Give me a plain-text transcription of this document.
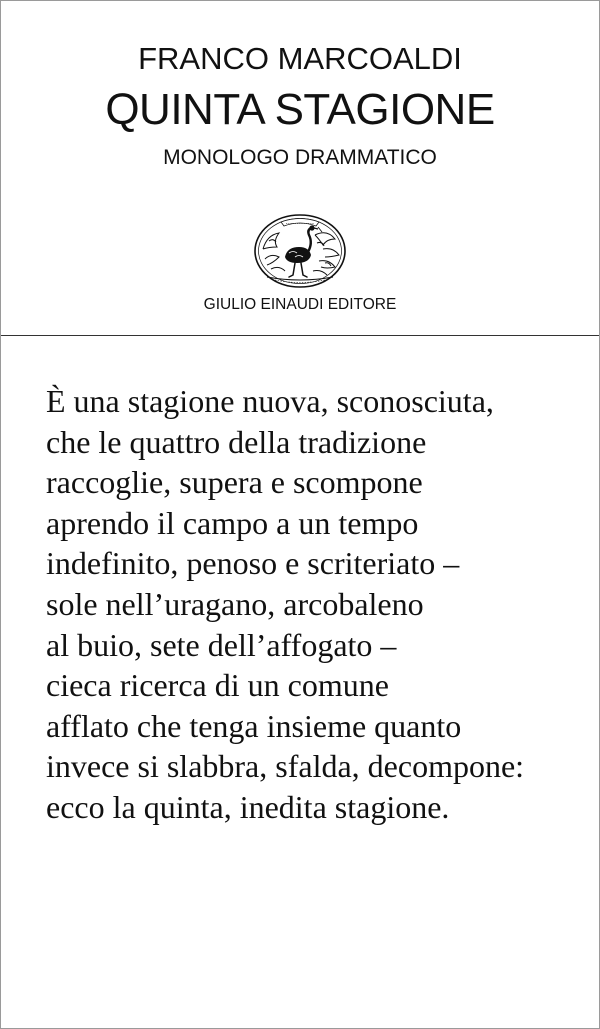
FRANCO MARCOALDI
QUINTA STAGIONE
MONOLOGO DRAMMATICO
GIULIO EINAUDI EDITORE
È una stagione nuova, sconosciuta,
che le quattro della tradizione
raccoglie, supera e scompone
aprendo il campo a un tempo
indefinito, penoso e scriteriato –
sole nell’uragano, arcobaleno
al buio, sete dell’affogato –
cieca ricerca di un comune
afflato che tenga insieme quanto
invece si slabbra, sfalda, decompone:
ecco la quinta, inedita stagione.
